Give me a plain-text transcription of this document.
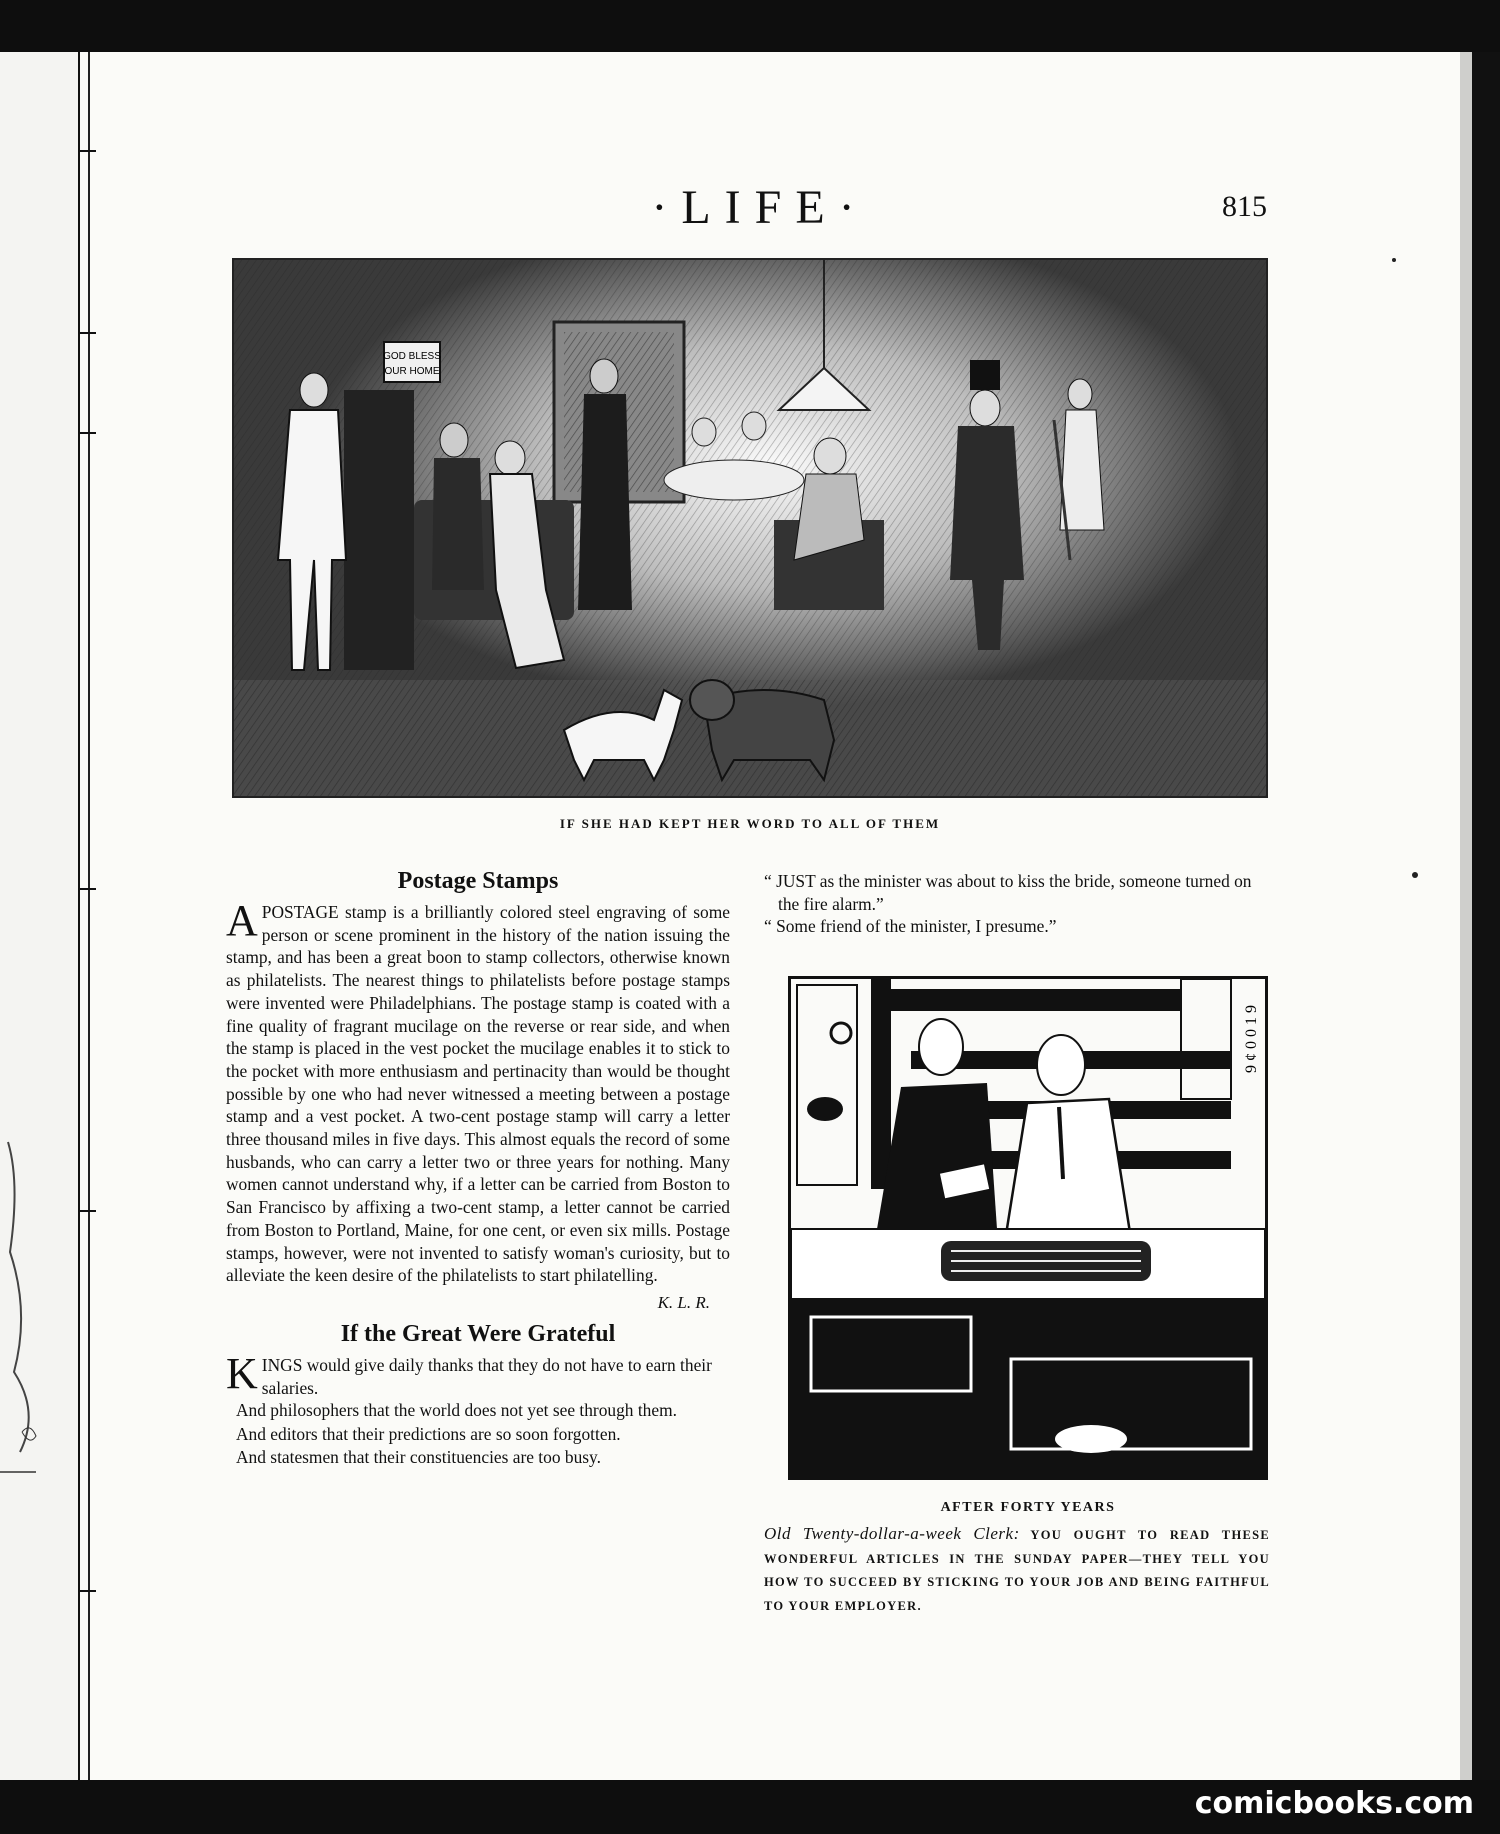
·LIFE·	815
GOD BLESS
OUR HOME
IF SHE HAD KEPT HER WORD TO ALL OF THEM
Postage Stamps

A POSTAGE stamp is a brilliantly colored steel engraving of some person or scene prominent in the history of the nation issuing the stamp, and has been a great boon to stamp collectors, otherwise known as philatelists. The nearest things to philatelists before postage stamps were invented were Philadelphians. The postage stamp is coated with a fine quality of fragrant mucilage on the reverse or rear side, and when the stamp is placed in the vest pocket the mucilage enables it to stick to the pocket with more enthusiasm and pertinacity than would be thought possible by one who had never witnessed a meeting between a postage stamp and a vest pocket. A two-cent postage stamp will carry a letter three thousand miles in five days. This almost equals the record of some husbands, who can carry a letter two or three years for nothing. Many women cannot understand why, if a letter can be carried from Boston to San Francisco by affixing a two-cent stamp, a letter cannot be carried from Boston to Portland, Maine, for one cent, or even six mills. Postage stamps, however, were not invented to satisfy woman's curiosity, but to alleviate the keen desire of the philatelists to start philatelling.

K. L. R.
If the Great Were Grateful

KINGS would give daily thanks that they do not have to earn their salaries.

And philosophers that the world does not yet see through them.

And editors that their predictions are so soon forgotten.

And statesmen that their constituencies are too busy.

“ JUST as the minister was about to kiss the bride, someone turned on the fire alarm.”

“ Some friend of the minister, I presume.”

9 ¢ 0 0 1 9
AFTER FORTY YEARS
Old Twenty-dollar-a-week Clerk: YOU OUGHT TO READ THESE WONDERFUL ARTICLES IN THE SUNDAY PAPER—THEY TELL YOU HOW TO SUCCEED BY STICKING TO YOUR JOB AND BEING FAITHFUL TO YOUR EMPLOYER.
comicbooks.com
